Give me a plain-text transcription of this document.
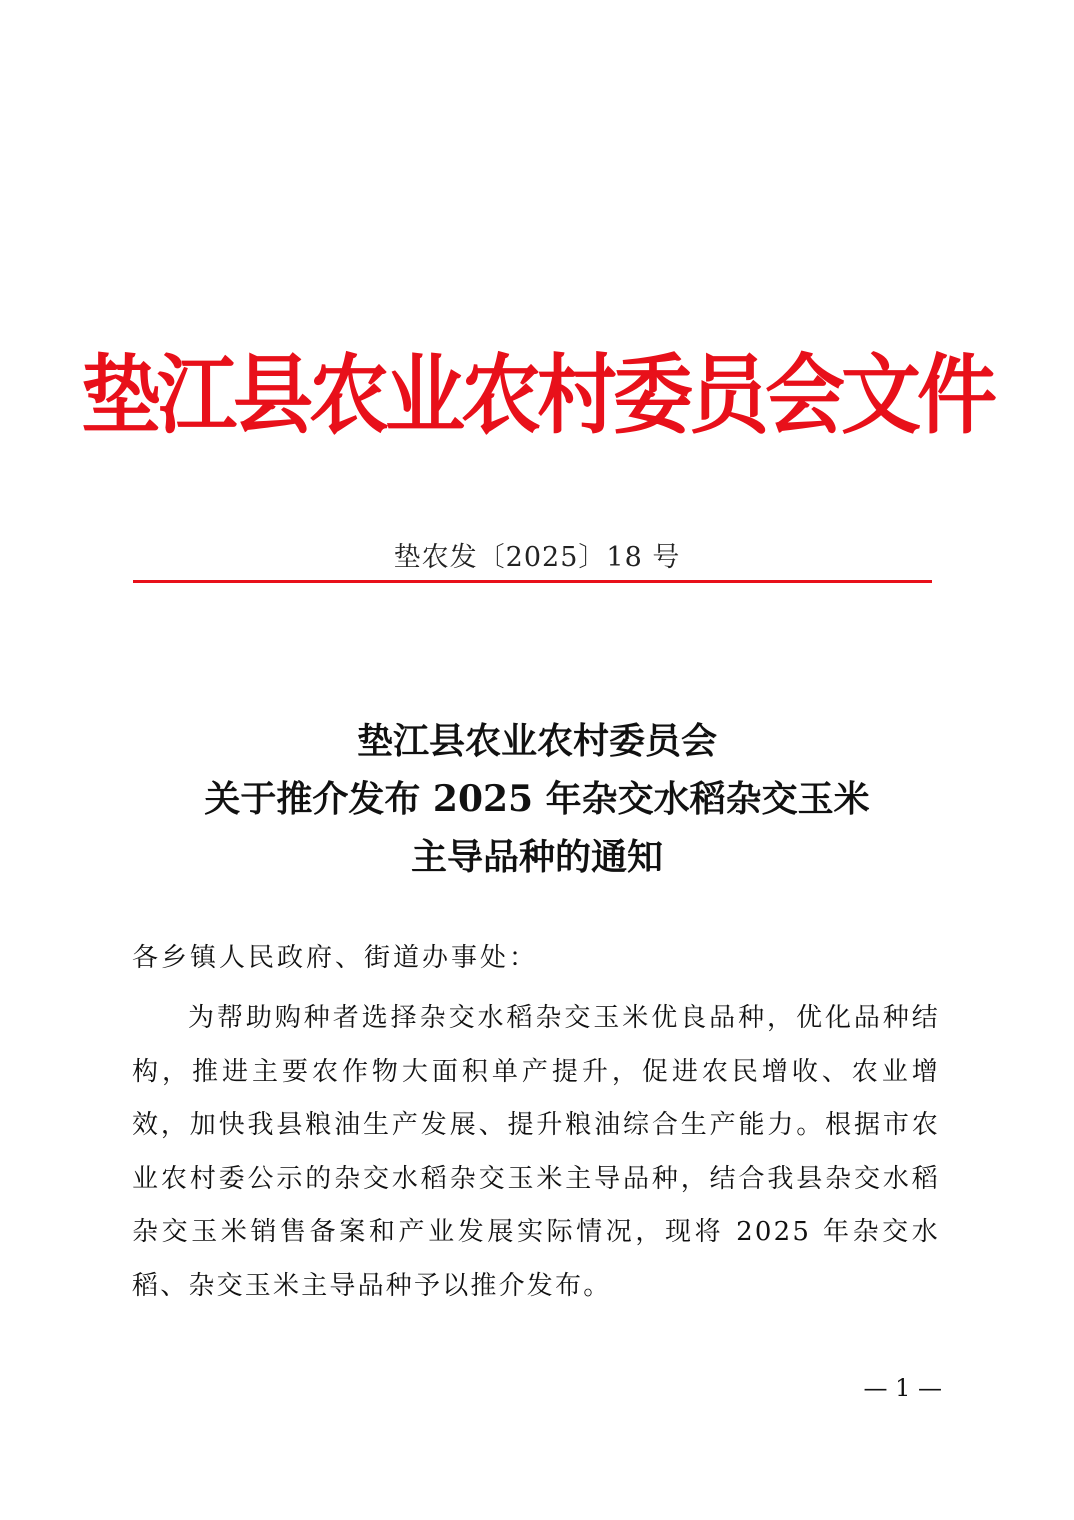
垫江县农业农村委员会文件
垫农发〔2025〕18 号
垫江县农业农村委员会
关于推介发布 2025 年杂交水稻杂交玉米
主导品种的通知
各乡镇人民政府、街道办事处：

为帮助购种者选择杂交水稻杂交玉米优良品种，优化品种结构，推进主要农作物大面积单产提升，促进农民增收、农业增效，加快我县粮油生产发展、提升粮油综合生产能力。根据市农业农村委公示的杂交水稻杂交玉米主导品种，结合我县杂交水稻杂交玉米销售备案和产业发展实际情况，现将 2025 年杂交水稻、杂交玉米主导品种予以推介发布。

— 1 —
